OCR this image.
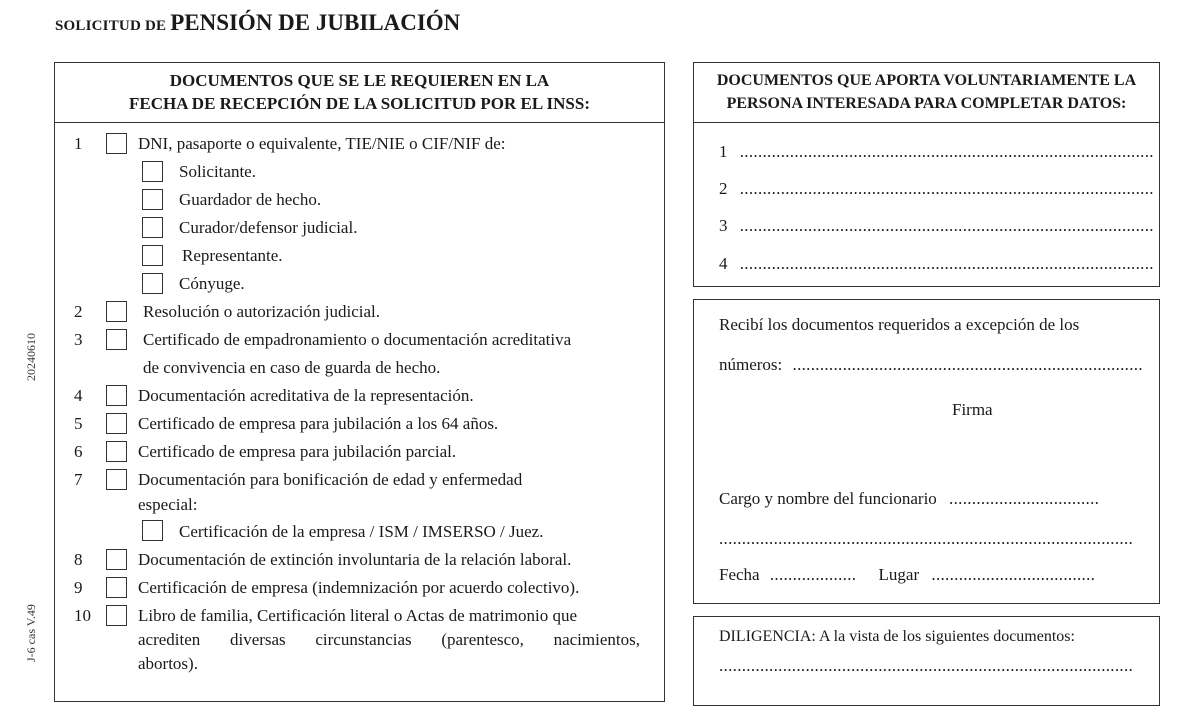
SOLICITUD DE PENSIÓN DE JUBILACIÓN
20240610
J-6 cas V.49
DOCUMENTOS QUE SE LE REQUIEREN EN LA
FECHA DE RECEPCIÓN DE LA SOLICITUD POR EL INSS:
1	DNI, pasaporte o equivalente, TIE/NIE o CIF/NIF de:
Solicitante.
Guardador de hecho.
Curador/defensor judicial.
Representante.
Cónyuge.
2	Resolución o autorización judicial.
3	Certificado de empadronamiento o documentación acreditativa
de convivencia en caso de guarda de hecho.
4	Documentación acreditativa de la representación.
5	Certificado de empresa para jubilación a los 64 años.
6	Certificado de empresa para jubilación parcial.
7	Documentación para bonificación de edad y enfermedad
especial:
Certificación de la empresa / ISM / IMSERSO / Juez.
8	Documentación de extinción involuntaria de la relación laboral.
9	Certificación de empresa (indemnización por acuerdo colectivo).
10	Libro de familia, Certificación literal o Actas de matrimonio que
acrediten diversas circunstancias (parentesco, nacimientos,
abortos).
DOCUMENTOS QUE APORTA VOLUNTARIAMENTE LA
PERSONA INTERESADA PARA COMPLETAR DATOS:
1 ...........................................................................................
2 ...........................................................................................
3 ...........................................................................................
4 ...........................................................................................
Recibí los documentos requeridos a excepción de los
números: .............................................................................
Firma
Cargo y nombre del funcionario .................................
...........................................................................................
Fecha ................... Lugar ....................................
DILIGENCIA: A la vista de los siguientes documentos:
...........................................................................................
